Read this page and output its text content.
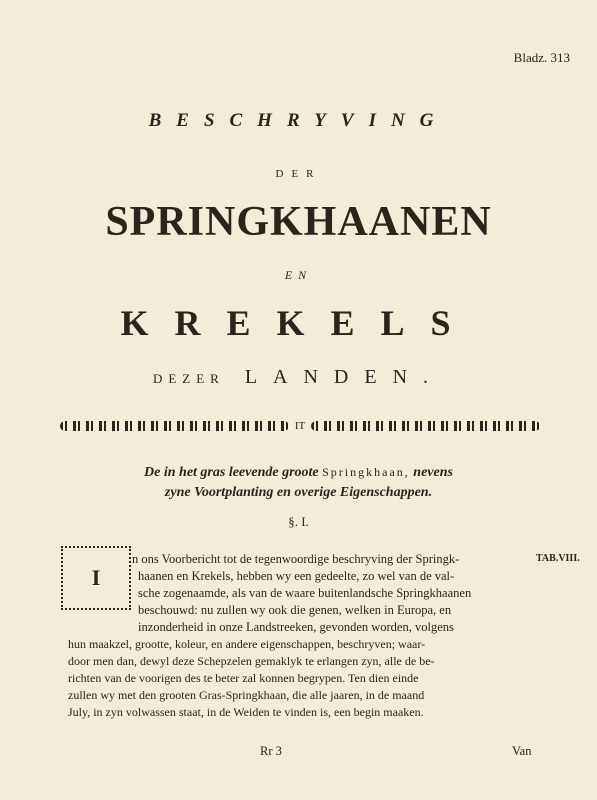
Bladz. 313
BESCHRYVING
DER
SPRINGKHAANEN
EN
KREKELS
DEZER LANDEN.
IT
De in het gras leevende groote Springkhaan, nevens
zyne Voortplanting en overige Eigenschappen.
§. I.
I
TAB.VIII.
n ons Voorbericht tot de tegenwoordige beschryving der Springk-
haanen en Krekels, hebben wy een gedeelte, zo wel van de val-
sche zogenaamde, als van de waare buitenlandsche Springkhaanen
beschouwd: nu zullen wy ook die genen, welken in Europa, en
inzonderheid in onze Landstreeken, gevonden worden, volgens
hun maakzel, grootte, koleur, en andere eigenschappen, beschryven; waar-
door men dan, dewyl deze Schepzelen gemaklyk te erlangen zyn, alle de be-
richten van de voorigen des te beter zal konnen begrypen. Ten dien einde
zullen wy met den grooten Gras-Springkhaan, die alle jaaren, in de maand
July, in zyn volwassen staat, in de Weiden te vinden is, een begin maaken.
Rr 3	Van
